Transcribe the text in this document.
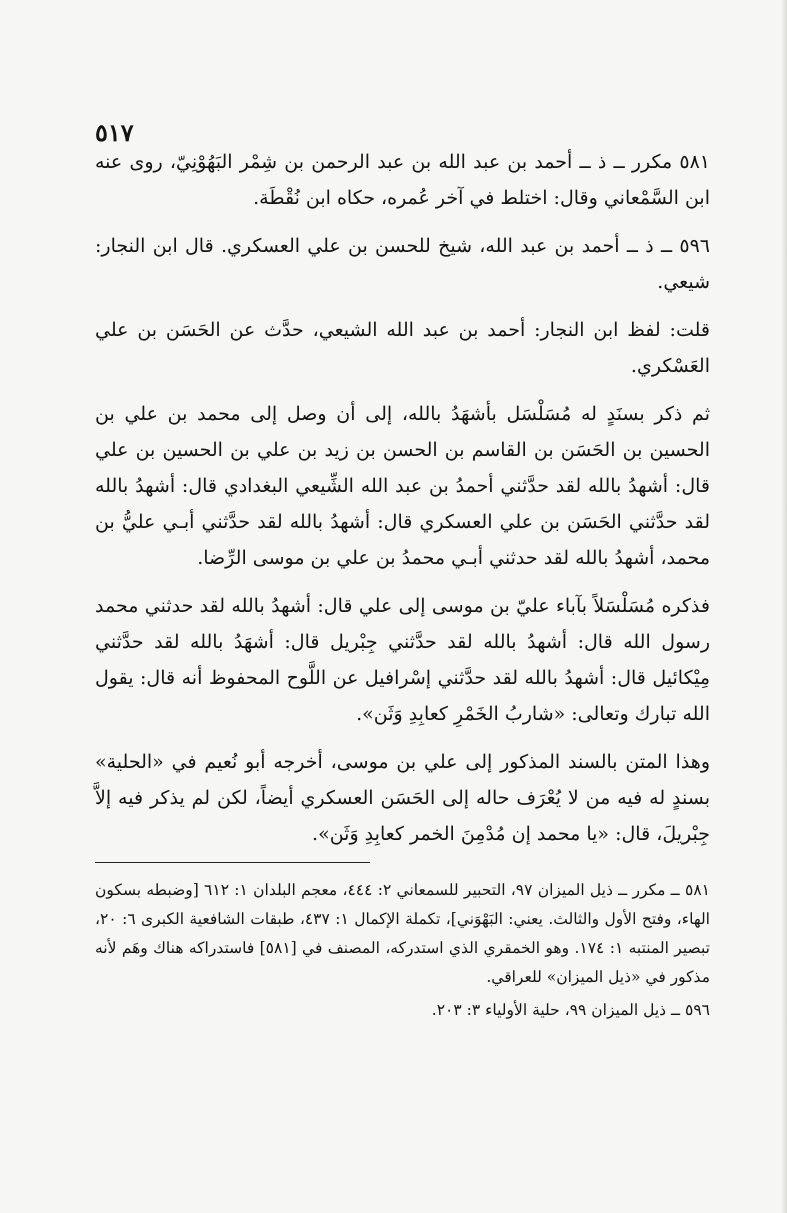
٥١٧

٥٨١ مكرر ــ ذ ــ أحمد بن عبد الله بن عبد الرحمن بن شِمْر البَهُوْنِيّ، روى عنه ابن السَّمْعاني وقال: اختلط في آخر عُمره، حكاه ابن نُقْطَة.

٥٩٦ ــ ذ ــ أحمد بن عبد الله، شيخ للحسن بن علي العسكري. قال ابن النجار: شيعي.

قلت: لفظ ابن النجار: أحمد بن عبد الله الشيعي، حدَّث عن الحَسَن بن علي العَسْكري.

ثم ذكر بسنَدٍ له مُسَلْسَل بأشهَدُ بالله، إلى أن وصل إلى محمد بن علي بن الحسين بن الحَسَن بن القاسم بن الحسن بن زيد بن علي بن الحسين بن علي قال: أشهدُ بالله لقد حدَّثني أحمدُ بن عبد الله الشِّيعي البغدادي قال: أشهدُ بالله لقد حدَّثني الحَسَن بن علي العسكري قال: أشهدُ بالله لقد حدَّثني أبـي عليُّ بن محمد، أشهدُ بالله لقد حدثني أبـي محمدُ بن علي بن موسى الرِّضا.

فذكره مُسَلْسَلاً بآباء عليّ بن موسى إلى علي قال: أشهدُ بالله لقد حدثني محمد رسول الله قال: أشهدُ بالله لقد حدَّثني جِبْريل قال: أشهَدُ بالله لقد حدَّثني مِيْكائيل قال: أشهدُ بالله لقد حدَّثني إسْرافيل عن اللَّوح المحفوظ أنه قال: يقول الله تبارك وتعالى: «شاربُ الخَمْرِ كعابِدِ وَثَن».

وهذا المتن بالسند المذكور إلى علي بن موسى، أخرجه أبو نُعيم في «الحلية» بسندٍ له فيه من لا يُعْرَف حاله إلى الحَسَن العسكري أيضاً، لكن لم يذكر فيه إلاَّ جِبْريلَ، قال: «يا محمد إن مُدْمِنَ الخمر كعابِدِ وَثَن».

٥٨١ ــ مكرر ــ ذيل الميزان ٩٧، التحبير للسمعاني ٢: ٤٤٤، معجم البلدان ١: ٦١٢ [وضبطه بسكون الهاء، وفتح الأول والثالث. يعني: البَهْوَني]، تكملة الإكمال ١: ٤٣٧، طبقات الشافعية الكبرى ٦: ٢٠، تبصير المنتبه ١: ١٧٤. وهو الخمقري الذي استدركه، المصنف في [٥٨١] فاستدراكه هناك وهَم لأنه مذكور في «ذيل الميزان» للعراقي.

٥٩٦ ــ ذيل الميزان ٩٩، حلية الأولياء ٣: ٢٠٣.
